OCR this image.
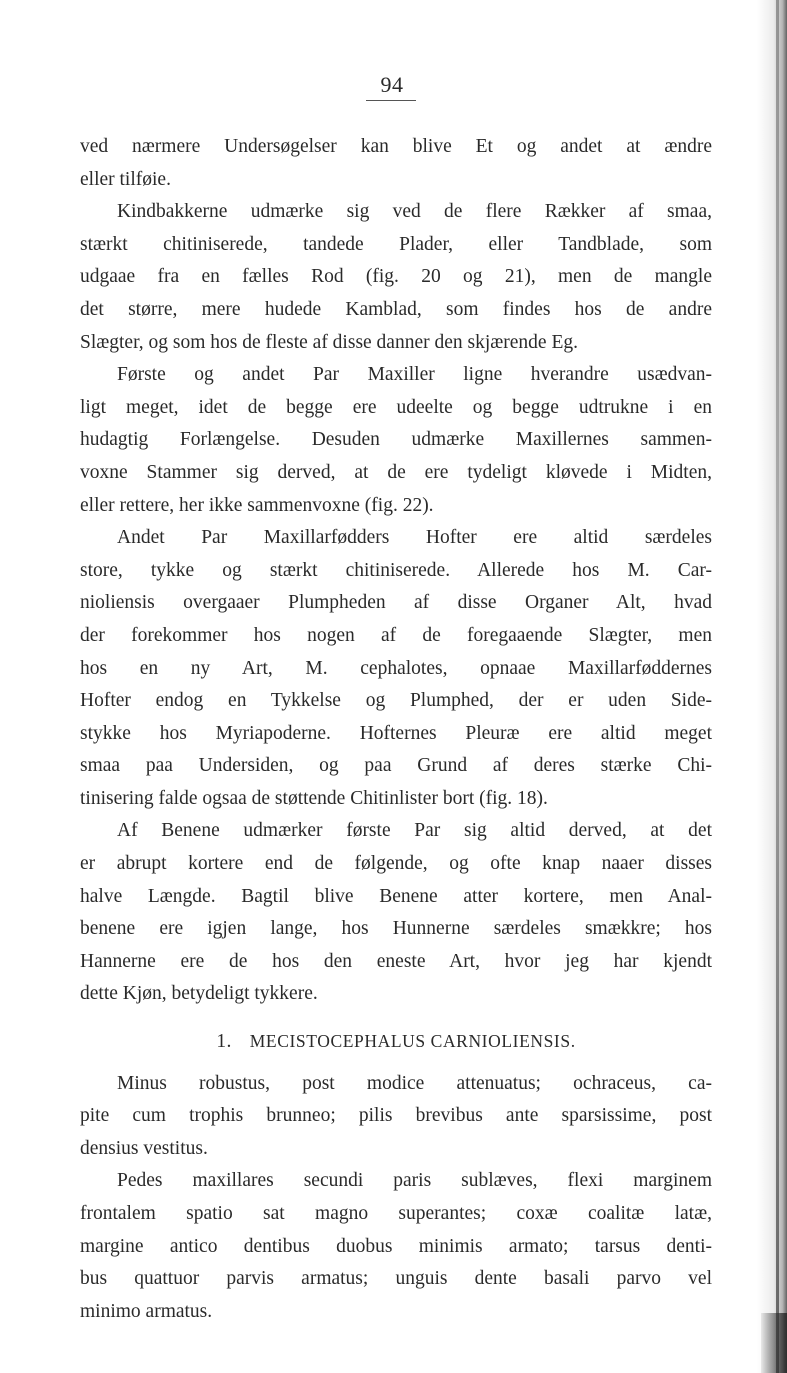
94
ved nærmere Undersøgelser kan blive Et og andet at ændre
eller tilføie.
Kindbakkerne udmærke sig ved de flere Rækker af smaa,
stærkt chitiniserede, tandede Plader, eller Tandblade, som
udgaae fra en fælles Rod (fig. 20 og 21), men de mangle
det større, mere hudede Kamblad, som findes hos de andre
Slægter, og som hos de fleste af disse danner den skjærende Eg.
Første og andet Par Maxiller ligne hverandre usædvan-
ligt meget, idet de begge ere udeelte og begge udtrukne i en
hudagtig Forlængelse. Desuden udmærke Maxillernes sammen-
voxne Stammer sig derved, at de ere tydeligt kløvede i Midten,
eller rettere, her ikke sammenvoxne (fig. 22).
Andet Par Maxillarfødders Hofter ere altid særdeles
store, tykke og stærkt chitiniserede. Allerede hos M. Car-
nioliensis overgaaer Plumpheden af disse Organer Alt, hvad
der forekommer hos nogen af de foregaaende Slægter, men
hos en ny Art, M. cephalotes, opnaae Maxillarføddernes
Hofter endog en Tykkelse og Plumphed, der er uden Side-
stykke hos Myriapoderne. Hofternes Pleuræ ere altid meget
smaa paa Undersiden, og paa Grund af deres stærke Chi-
tinisering falde ogsaa de støttende Chitinlister bort (fig. 18).
Af Benene udmærker første Par sig altid derved, at det
er abrupt kortere end de følgende, og ofte knap naaer disses
halve Længde. Bagtil blive Benene atter kortere, men Anal-
benene ere igjen lange, hos Hunnerne særdeles smækkre; hos
Hannerne ere de hos den eneste Art, hvor jeg har kjendt
dette Kjøn, betydeligt tykkere.
1. MECISTOCEPHALUS CARNIOLIENSIS.
Minus robustus, post modice attenuatus; ochraceus, ca-
pite cum trophis brunneo; pilis brevibus ante sparsissime, post
densius vestitus.
Pedes maxillares secundi paris sublæves, flexi marginem
frontalem spatio sat magno superantes; coxæ coalitæ latæ,
margine antico dentibus duobus minimis armato; tarsus denti-
bus quattuor parvis armatus; unguis dente basali parvo vel
minimo armatus.
